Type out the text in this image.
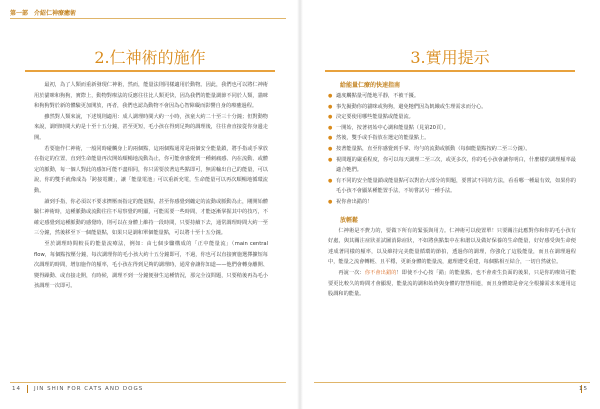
第一部　介紹仁神療癒術
2.仁神術的施作

最初，為了人類而重新發現仁神術，然而，能量法則同樣適用於動物。因此，我們也可以將仁神術用於貓咪和狗狗，實際上，動物對療法的反應往往比人類更快，因為我們的能量調節不同於人類，貓咪和狗狗對於新的體驗更加開放，再者，我們也認為動物不會因為心智障礙而影響自身的療癒過程。

雖然對人類來說，下述規則適用：成人調理時間大約一小時，孩童大約二十至三十分鐘；但對動物來說，調理時間大約是十至十五分鐘，甚至更短，毛小孩在得到足夠的調理後，往往會直接從你身邊走開。

若要施作仁神術，一般同時碰觸身上的兩個點，這兩個點通常是兩個安全能量鎖，將手指或手掌放在指定的位置，直到生命能量再次開始順暢地流動為止，你可能會感覺到一種刺痛感、內在流動、或體定的脈動，每一個人對此的感知可能不盡相同，你只需要放著這些點即可，無需輸出自己的能量，可以說，你的雙手就像成為「跨接電纜」，讓「能量電池」可以重新充電，生命能量可以再次順暢地循環流動。

讀到手指，你必須以不要求擠壓而指定的能量點，甚至你感覺到纏定的流動或脈動為止，剛開始體驗仁神術時，這種脈動或流動往往不易察覺的明顯，可能需要一些時間，才能逐漸掌握其中的技巧，不確定感覺到這種脈動的感覺時，則可以在身體上維持一段時間，只要持續下去，通常調理時間大約一至三分鐘，然後移至下一個能量點，如果只是調和單個能量點，可以將十至十五分鐘。

至於調理時間較長的能量流療法，例如：由七個步驟構成的「正中能量流」（main central flow，每個點按壓分鐘，每次調理你的毛小孩大約十五分鐘即可，不過，你也可以直接實施選擇擴短每次調理的時間，增加施作的頻率，毛小孩在得到足夠的調理時，通常會讓你知道——他們會轉身離開、變得躁動、或直接走開，有時候，調理不到一分鐘便發生這種情況，那完全沒問題，只要稍後再為毛小孩調理一次即可。

14 JIN SHIN FOR CATS AND DOGS
3.實用提示

給能量仁療的快速指南

● 適度觸點量可能地平靜，不被干擾。
● 事先擬動你的貓咪或狗狗，避免牠們因為飢餓或生理需求而分心。
● 決定要使用哪些能量點或能量流。
● 一開始，按著初始中心調和能量點（見第20頁）。
● 然後，雙手或手指放在選定的能量點上。
● 按著能量點，直至你感覺到手掌、均勻的流動或脈動（每個能量點按約二至三分鐘）。
● 視問題的嚴重程度，你可以每天調理二至三次，或更多次，你的毛小孩會讓你明白，什麼樣的調理頻率最適合牠們。
● 有不同的安全能量鎖或能量點可以對治大部分的問題，要嘗試不同的方法，看看哪一種最有效，如果你的毛小孩不會顯某種能置手法，不妨嘗試另一種手法。
● 祝你會出錯的！

放輕鬆

仁神術是不費力的，要做下所有的緊張與用力。仁神術可以使置單！只要關注此應對你和你的毛小孩有好處，與其關注症狀並試圖消除症狀，不如將焦點集中在和諧以及做好保養的生命能量，好好感受與生命便達成著同樣的頻率，以及維持完美能量循環的節拍，透過你的調理，你強化了這股能量，而且在調理過程中，能量之流會轉輕、且平穩，更新身體的能量流，處理遭受重建，每個點相互結合，一切自然就位。

再說一次：你不會出錯的！即使不小心按「錯」的能量點，也不會產生負面的後果，只是你的療效可能要更比較久的時間才會顯現，能量流的調和始終與身體的智慧相連，而且身體總是會完全根據需求來運用這股調和的能量。

15
